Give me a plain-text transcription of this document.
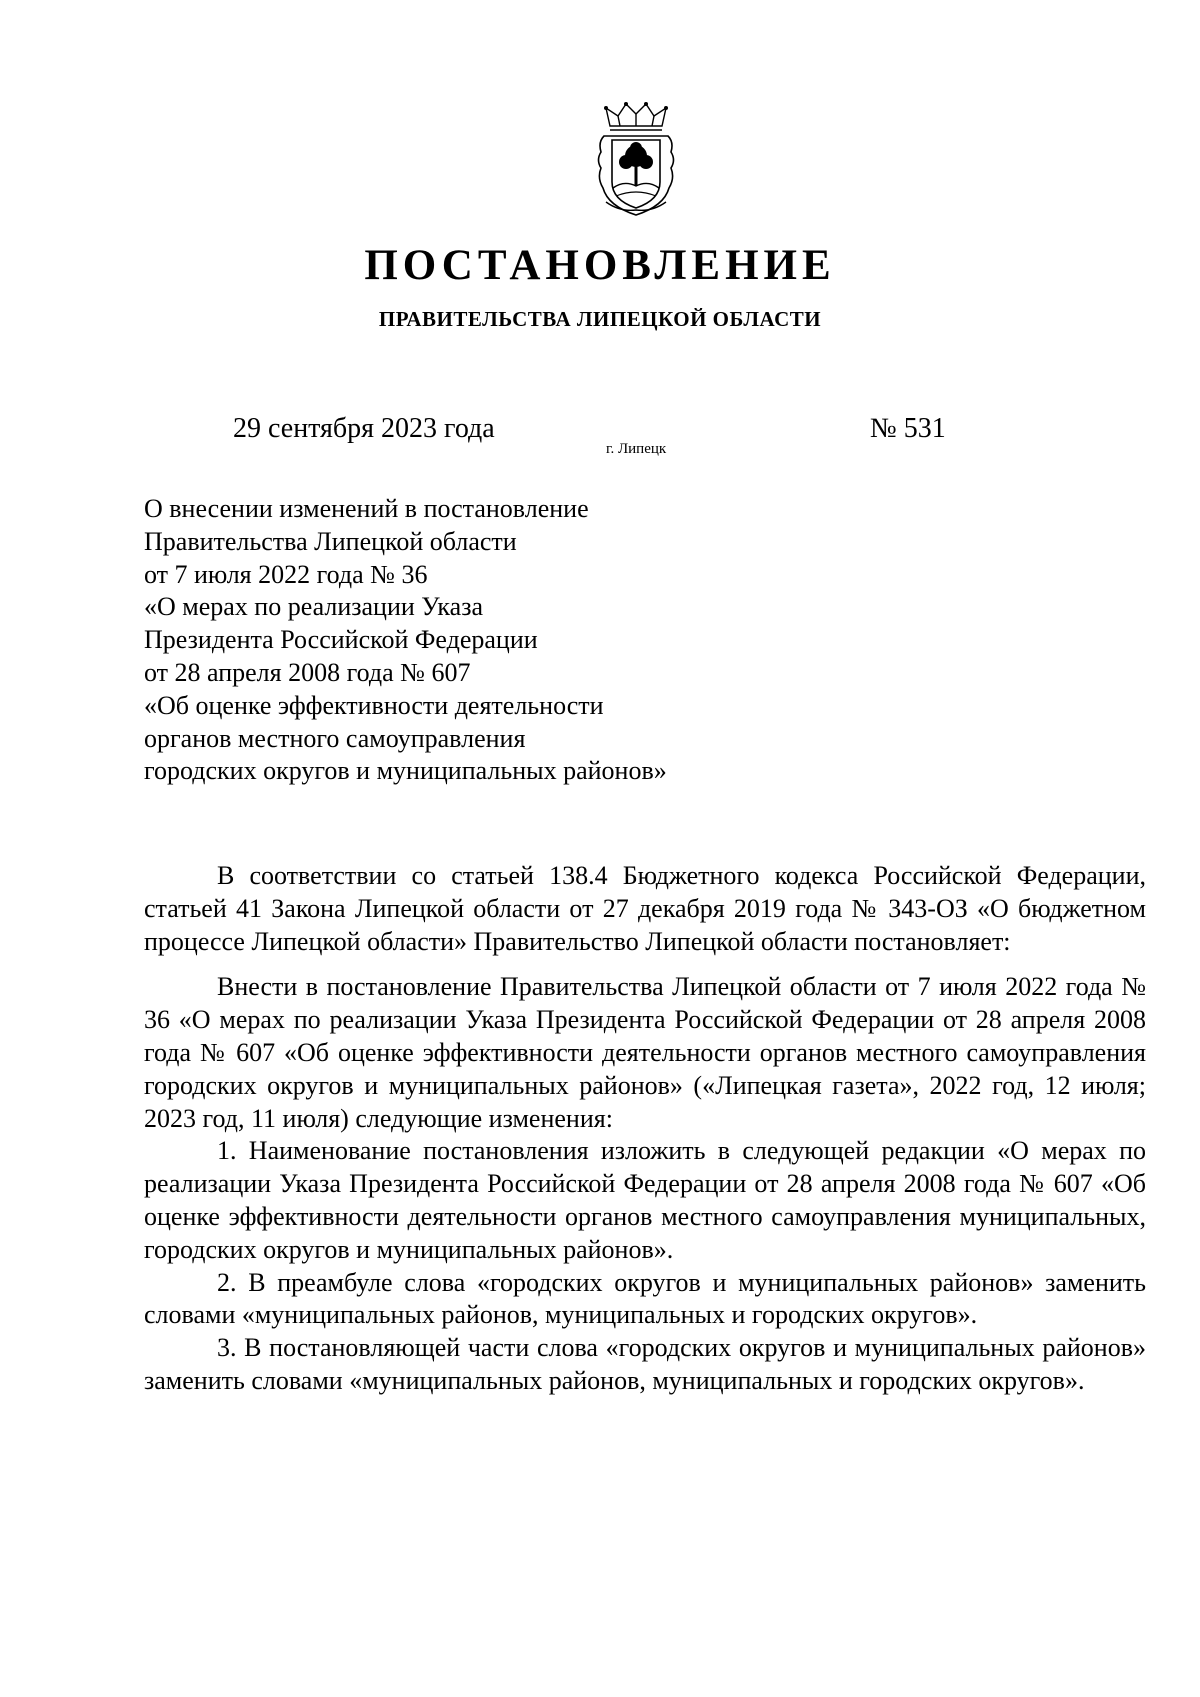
ПОСТАНОВЛЕНИЕ
ПРАВИТЕЛЬСТВА ЛИПЕЦКОЙ ОБЛАСТИ
29 сентября 2023 года
г. Липецк
№ 531
О внесении изменений в постановление
Правительства Липецкой области
от 7 июля 2022 года № 36
«О мерах по реализации Указа
Президента Российской Федерации
от 28 апреля 2008 года № 607
«Об оценке эффективности деятельности
органов местного самоуправления
городских округов и муниципальных районов»

В соответствии со статьей 138.4 Бюджетного кодекса Российской Федерации, статьей 41 Закона Липецкой области от 27 декабря 2019 года № 343-ОЗ «О бюджетном процессе Липецкой области» Правительство Липецкой области постановляет:

Внести в постановление Правительства Липецкой области от 7 июля 2022 года № 36 «О мерах по реализации Указа Президента Российской Федерации от 28 апреля 2008 года № 607 «Об оценке эффективности деятельности органов местного самоуправления городских округов и муниципальных районов» («Липецкая газета», 2022 год, 12 июля; 2023 год, 11 июля) следующие изменения:

1. Наименование постановления изложить в следующей редакции «О мерах по реализации Указа Президента Российской Федерации от 28 апреля 2008 года № 607 «Об оценке эффективности деятельности органов местного самоуправления муниципальных, городских округов и муниципальных районов».

2. В преамбуле слова «городских округов и муниципальных районов» заменить словами «муниципальных районов, муниципальных и городских округов».

3. В постановляющей части слова «городских округов и муниципальных районов» заменить словами «муниципальных районов, муниципальных и городских округов».
